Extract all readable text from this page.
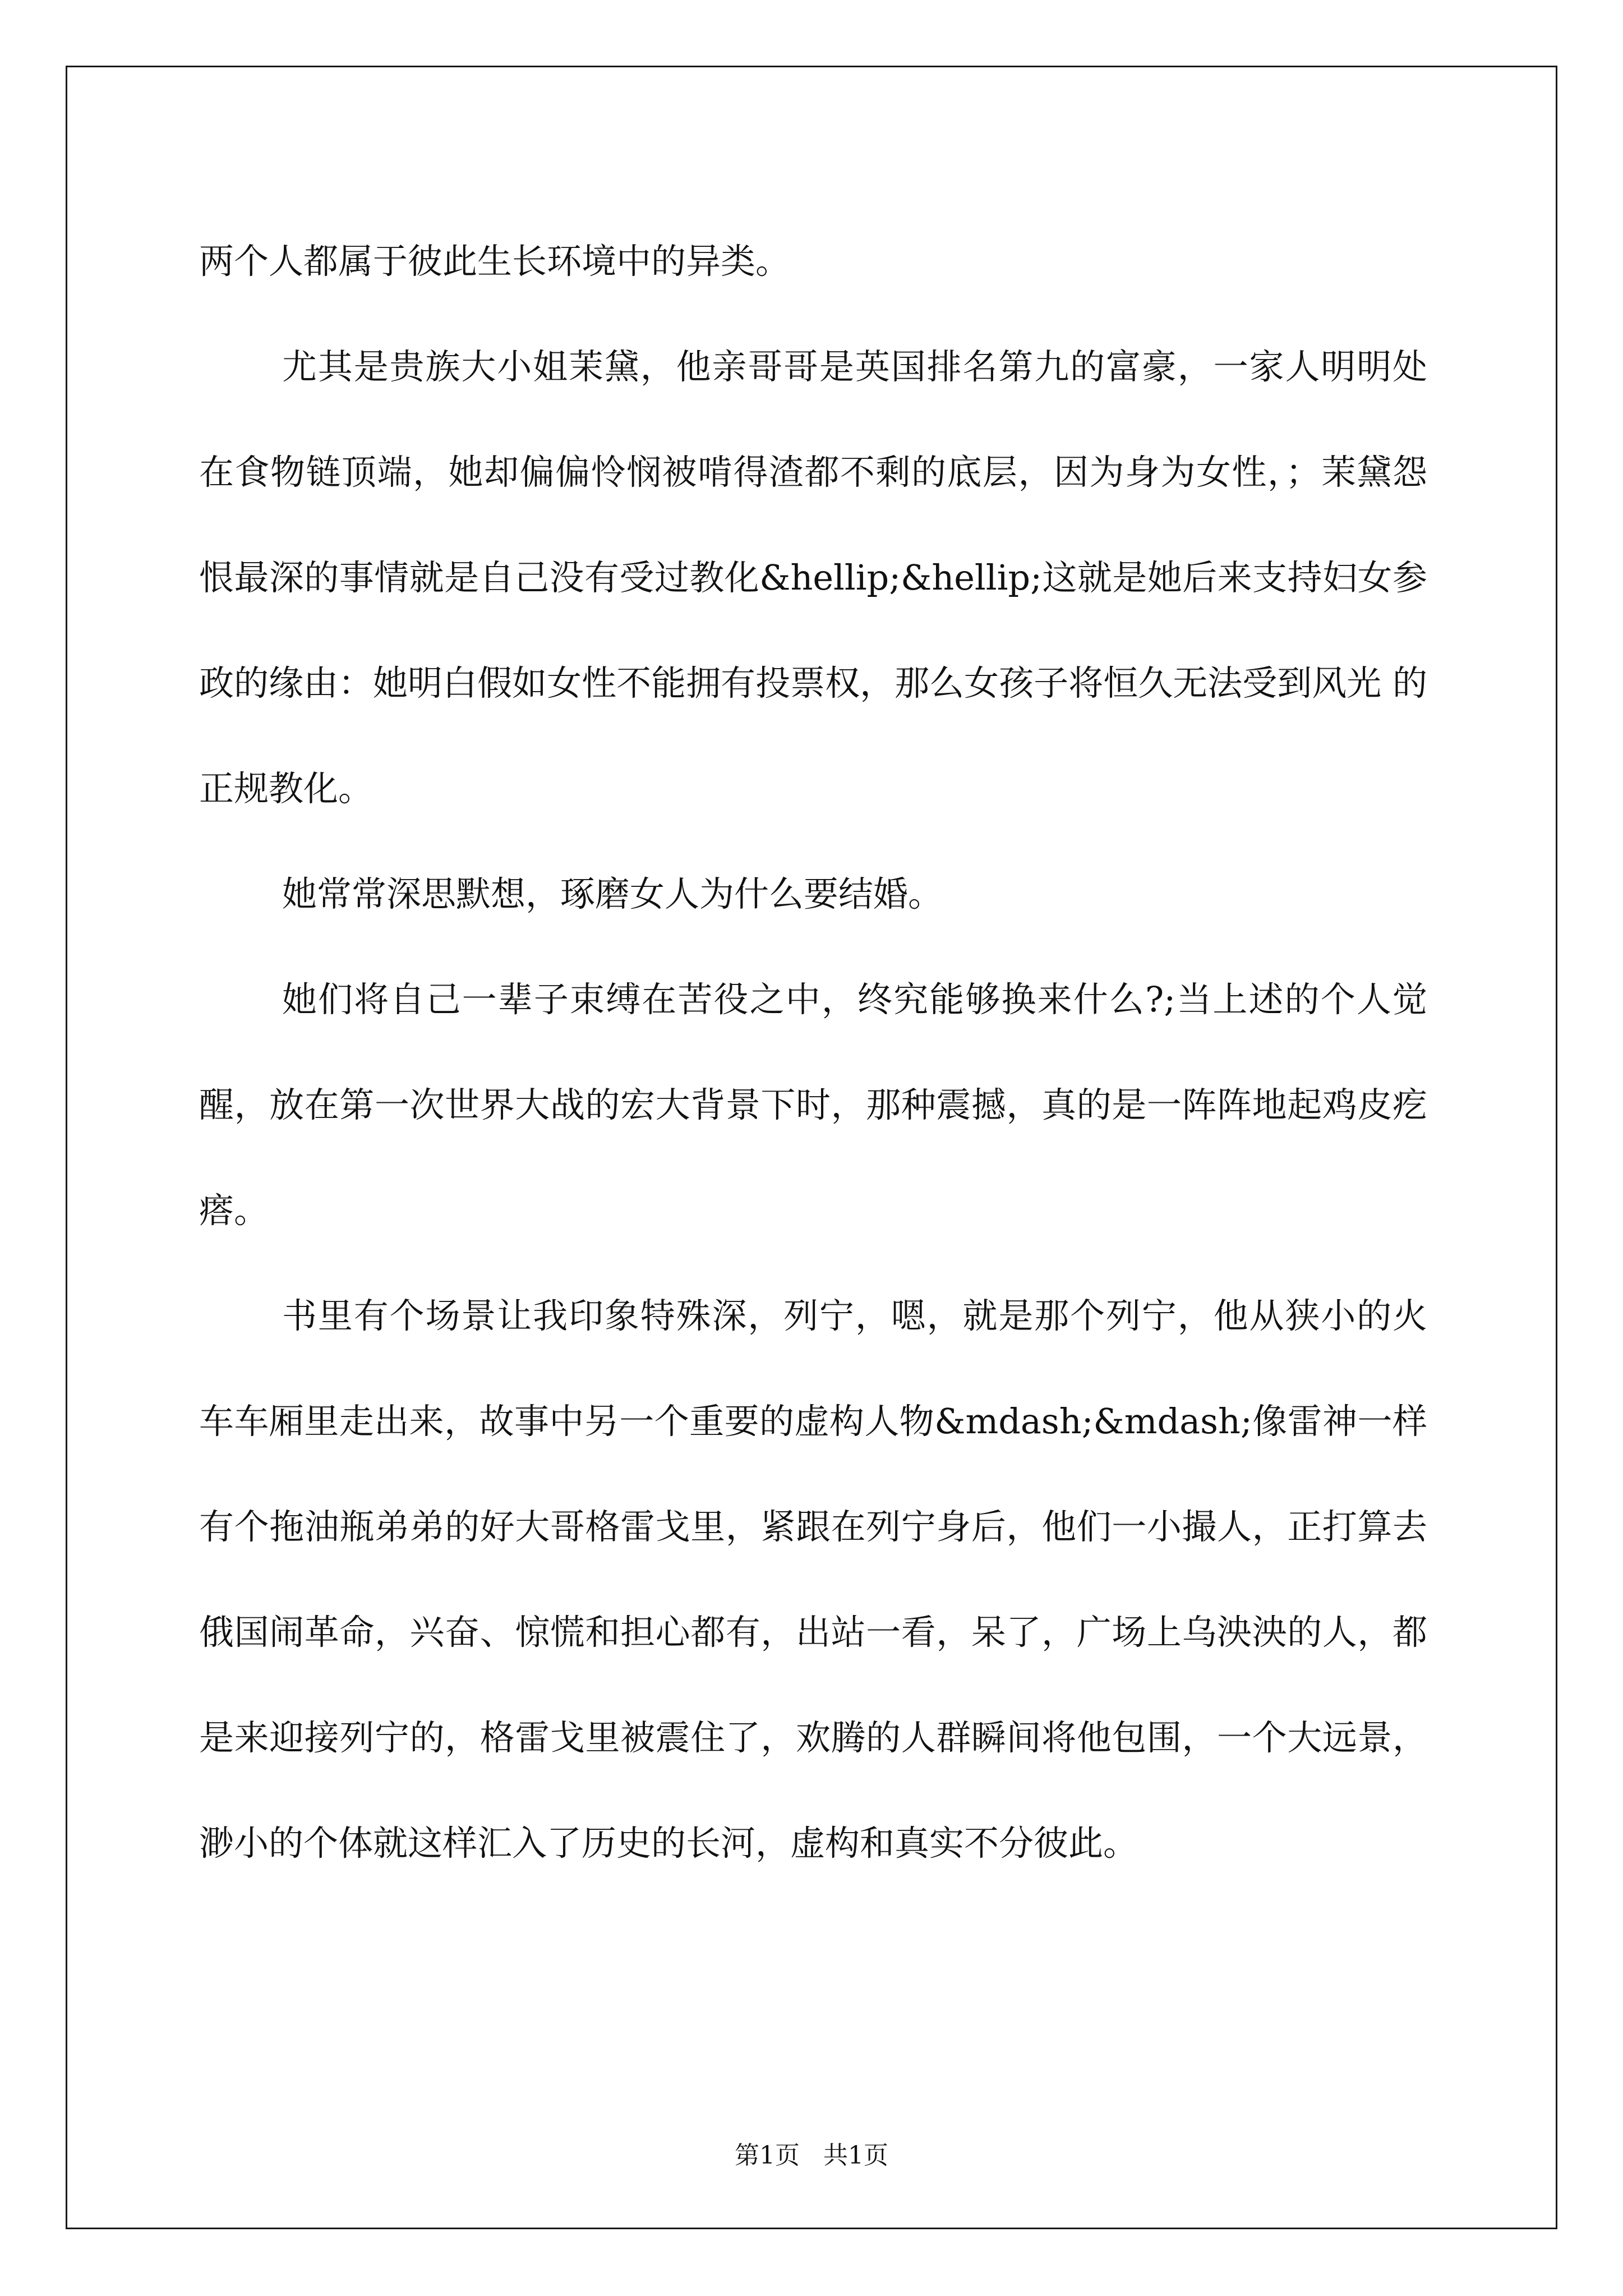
两个人都属于彼此生长环境中的异类。

尤其是贵族大小姐茉黛，他亲哥哥是英国排名第九的富豪，一家人明明处在食物链顶端，她却偏偏怜悯被啃得渣都不剩的底层，因为身为女性，；茉黛怨恨最深的事情就是自己没有受过教化&hellip;&hellip;这就是她后来支持妇女参政的缘由：她明白假如女性不能拥有投票权，那么女孩子将恒久无法受到风光 的正规教化。

她常常深思默想，琢磨女人为什么要结婚。

她们将自己一辈子束缚在苦役之中，终究能够换来什么?;当上述的个人觉醒，放在第一次世界大战的宏大背景下时，那种震撼，真的是一阵阵地起鸡皮疙瘩。

书里有个场景让我印象特殊深，列宁，嗯，就是那个列宁，他从狭小的火车车厢里走出来，故事中另一个重要的虚构人物&mdash;&mdash;像雷神一样有个拖油瓶弟弟的好大哥格雷戈里，紧跟在列宁身后，他们一小撮人，正打算去俄国闹革命，兴奋、惊慌和担心都有，出站一看，呆了，广场上乌泱泱的人，都是来迎接列宁的，格雷戈里被震住了，欢腾的人群瞬间将他包围，一个大远景，渺小的个体就这样汇入了历史的长河，虚构和真实不分彼此。

第1页   共1页
